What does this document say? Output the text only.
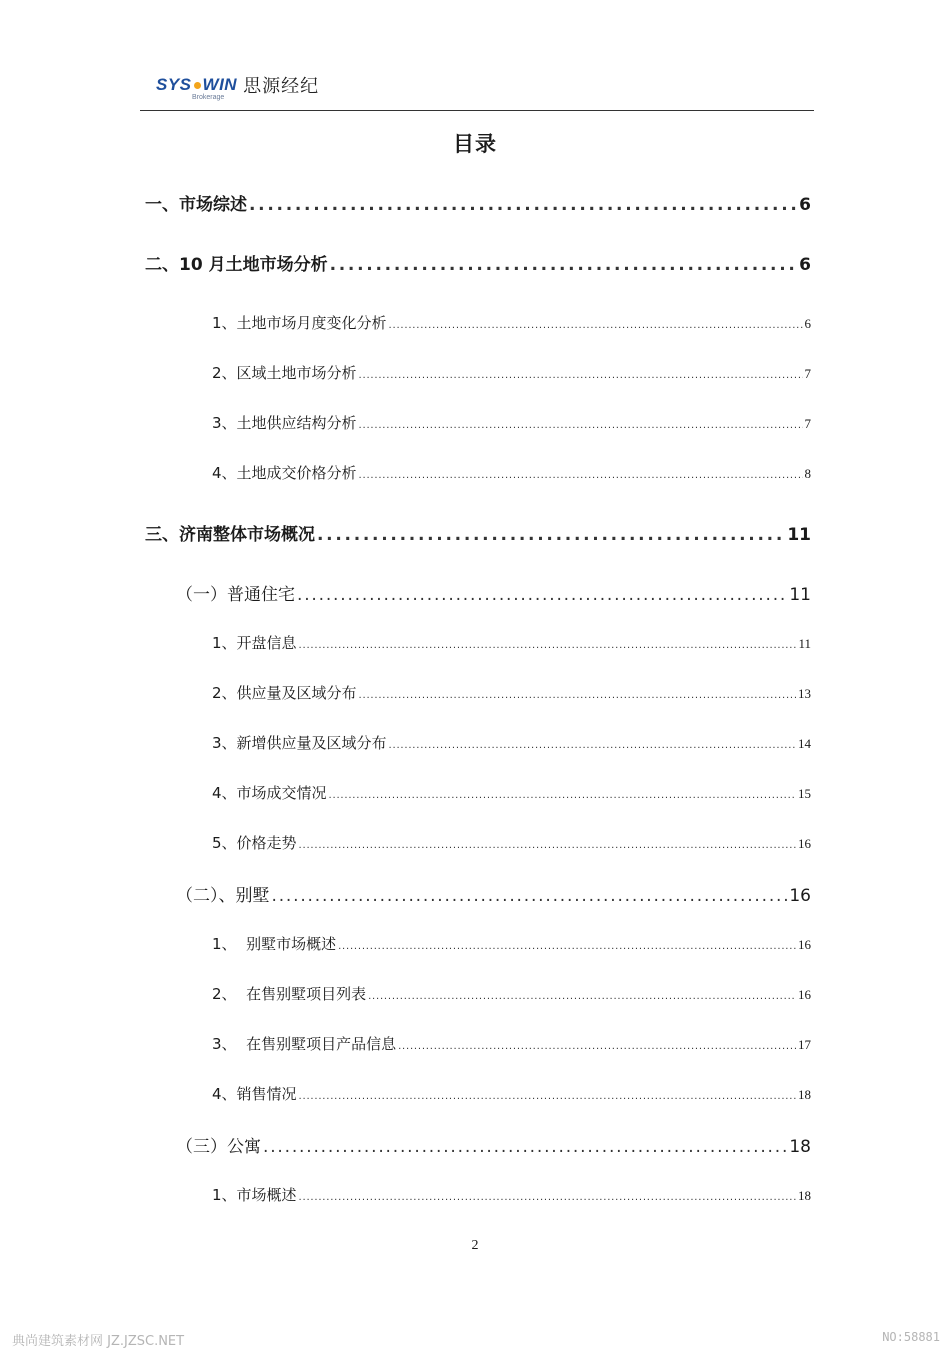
SYS WIN
Brokerage
思源经纪
目录
一、市场综述 . . .	6
二、10 月土地市场分析 . . .	6
1、土地市场月度变化分析 . . .	6
2、区域土地市场分析 . . .	7
3、土地供应结构分析 . . .	7
4、土地成交价格分析 . . .	8
三、济南整体市场概况 . . .	11
（一）普通住宅 . . .	11
1、开盘信息 . . .	11
2、供应量及区域分布 . . .	13
3、新增供应量及区域分布 . . .	14
4、市场成交情况 . . .	15
5、价格走势 . . .	16
（二）、别墅 . . .	16
1、  别墅市场概述 . . .	16
2、  在售别墅项目列表 . . .	16
3、  在售别墅项目产品信息 . . .	17
4、销售情况 . . .	18
（三）公寓 . . .	18
1、市场概述 . . .	18
2
典尚建筑素材网 JZ.JZSC.NET	NO:58881
